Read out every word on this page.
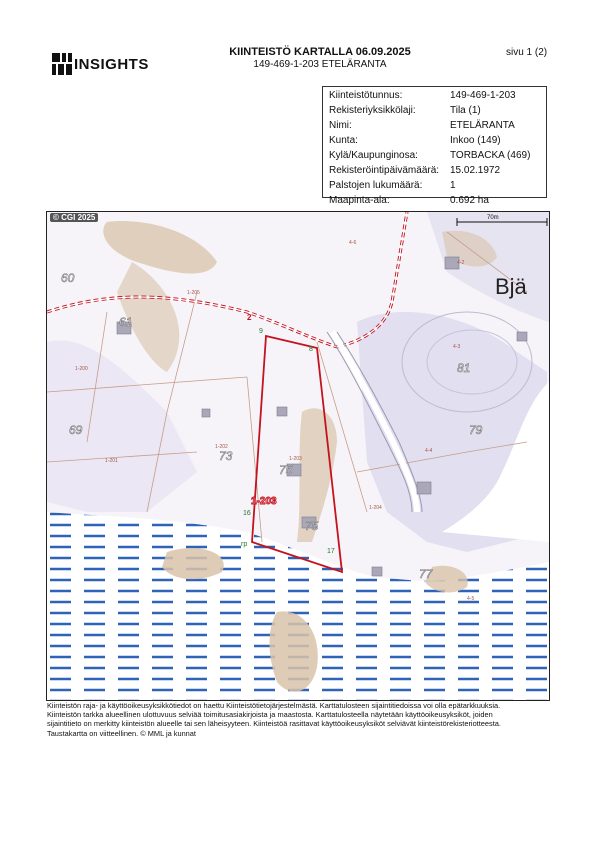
INSIGHTS
KIINTEISTÖ KARTALLA 06.09.2025
149-469-1-203 ETELÄRANTA
sivu 1 (2)
Kiinteistötunnus:	149-469-1-203
Rekisteriyksikkölaji:	Tila (1)
Nimi:	ETELÄRANTA
Kunta:	Inkoo (149)
Kylä/Kaupunginosa:	TORBACKA (469)
Rekisteröintipäivämäärä:	15.02.1972
Palstojen lukumäärä:	1
Maapinta-ala:	0.692 ha
70m
Bjä
60
61
69
73
75
75
81
79
77
1-205
1-202
1-201	1-203
1-204
4-2
4-3
4-4
4-5
4-6
1-200
1-203
9
8
16
17
rp
2
© CGI 2025
Kiinteistön raja- ja käyttöoikeusyksikkötiedot on haettu Kiinteistötietojärjestelmästä. Karttatulosteen sijaintitiedoissa voi olla epätarkkuuksia.
Kiinteistön tarkka alueellinen ulottuvuus selviää toimitusasiakirjoista ja maastosta. Karttatulosteella näytetään käyttöoikeusyksiköt, joiden
sijaintitieto on merkitty kiinteistön alueelle tai sen läheisyyteen. Kiinteistöä rasittavat käyttöoikeusyksiköt selviävät kiinteistörekisteriotteesta.
Taustakartta on viitteellinen. © MML ja kunnat
